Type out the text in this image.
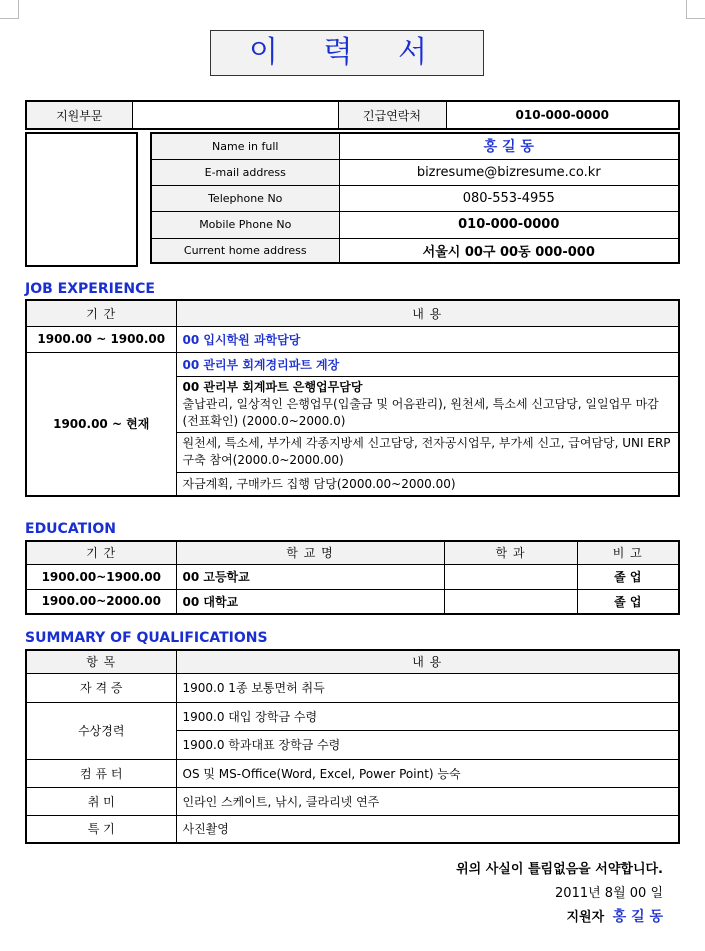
이 력 서
지원부문		긴급연락처	010-000-0000
Name in full	홍 길 동
E-mail address	bizresume@bizresume.co.kr
Telephone No	080-553-4955
Mobile Phone No	010-000-0000
Current home address	서울시 00구 00동 000-000
JOB EXPERIENCE
기 간	내 용
1900.00 ~ 1900.00	00 입시학원 과학담당
1900.00 ~ 현재	00 관리부 회계경리파트 계장

	00 관리부 회계파트 은행업무담당
출납관리, 일상적인 은행업무(입출금 및 어음관리), 원천세, 특소세 신고담당, 일일업무 마감(전표확인) (2000.0~2000.0)

	원천세, 특소세, 부가세 각종지방세 신고담당, 전자공시업무, 부가세 신고, 급여담당, UNI ERP구축 참여(2000.0~2000.00)
	자금계획, 구매카드 집행 담당(2000.00~2000.00)
EDUCATION
기 간	학 교 명	학 과	비 고
1900.00~1900.00	00 고등학교		졸 업
1900.00~2000.00	00 대학교		졸 업
SUMMARY OF QUALIFICATIONS
항 목	내 용
자 격 증	1900.0 1종 보통면허 취득
수상경력	1900.0 대입 장학금 수령
	1900.0 학과대표 장학금 수령
컴 퓨 터	OS 및 MS-Office(Word, Excel, Power Point) 능숙
취 미	인라인 스케이트, 낚시, 클라리넷 연주
특 기	사진촬영
위의 사실이 틀림없음을 서약합니다.
2011년 8월 00 일
지원자 홍 길 동
